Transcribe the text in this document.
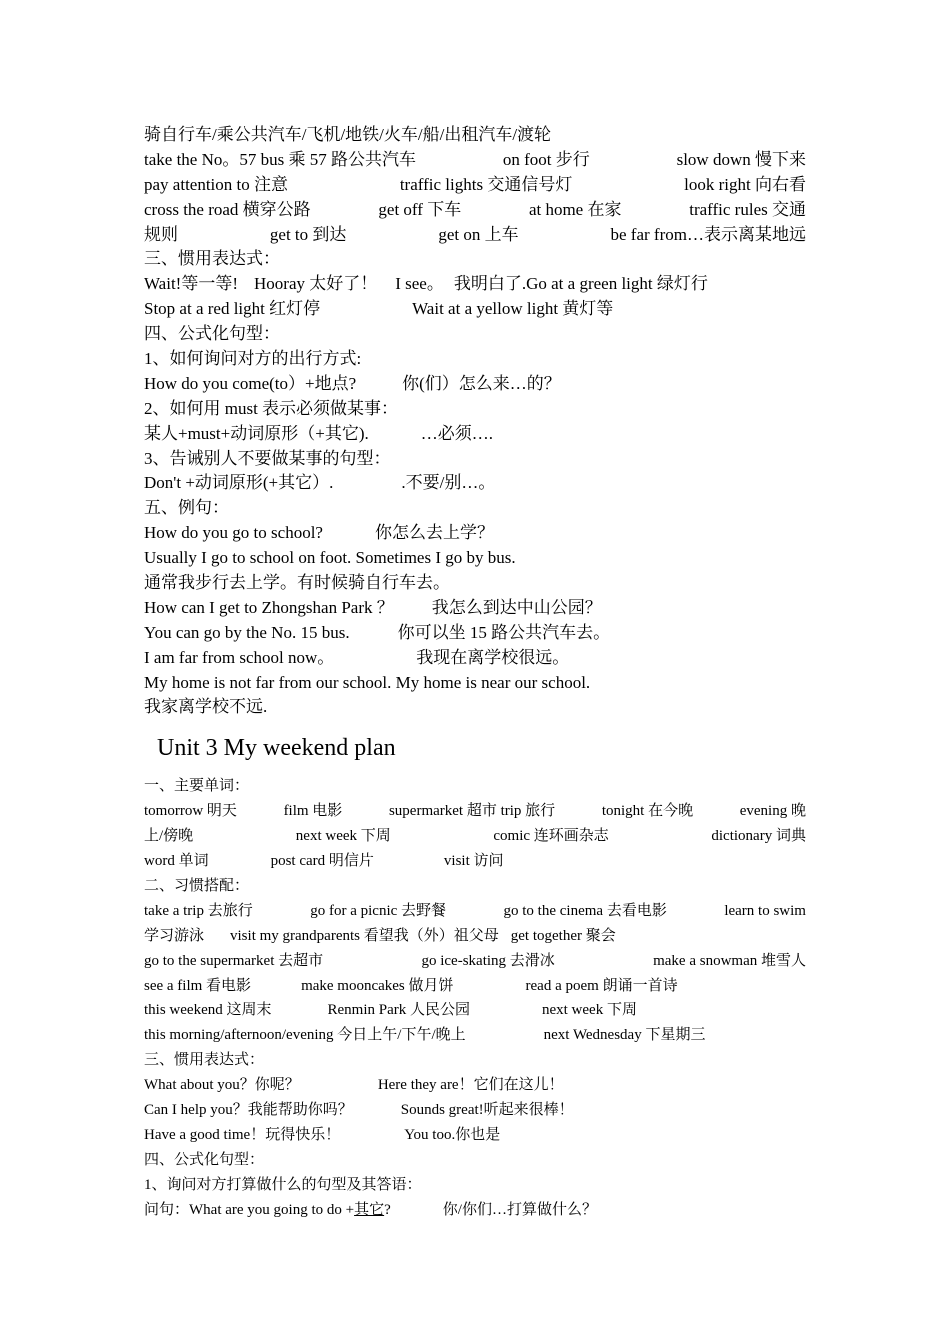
骑自行车/乘公共汽车/飞机/地铁/火车/船/出租汽车/渡轮
take the No。57 bus 乘 57 路公共汽车	on foot 步行	slow down 慢下来
pay attention to 注意	traffic lights 交通信号灯	look right 向右看
cross the road 横穿公路	get off 下车	at home 在家	traffic rules 交通
规则	get to 到达	get on 上车	be far from…表示离某地远
三、惯用表达式：
Wait!等一等! Hooray 太好了！ I see。 我明白了.Go at a green light 绿灯行
Stop at a red light 红灯停	Wait at a yellow light 黄灯等
四、公式化句型：
1、如何询问对方的出行方式:
How do you come(to）+地点?	你(们）怎么来…的？
2、如何用 must 表示必须做某事：
某人+must+动词原形（+其它).	…必须….
3、告诫别人不要做某事的句型：
Don't +动词原形(+其它）.	.不要/别…。
五、例句：
How do you go to school?	你怎么去上学？
Usually I go to school on foot. Sometimes I go by bus.
通常我步行去上学。有时候骑自行车去。
How can I get to Zhongshan Park ？ 我怎么到达中山公园？
You can go by the No. 15 bus.	你可以坐 15 路公共汽车去。
I am far from school now。	我现在离学校很远。
My home is not far from our school. My home is near our school.
我家离学校不远.
Unit 3 My weekend plan
一、主要单词：
tomorrow 明天	film 电影	supermarket 超市 trip 旅行	tonight 在今晚	evening 晚
上/傍晚	next week 下周	comic 连环画杂志	dictionary 词典
word 单词	post card 明信片	visit 访问
二、习惯搭配：
take a trip 去旅行	go for a picnic 去野餐	go to the cinema 去看电影	learn to swim
学习游泳 visit my grandparents 看望我（外）祖父母 get together 聚会
go to the supermarket 去超市	go ice-skating 去滑冰	make a snowman 堆雪人
see a film 看电影	make mooncakes 做月饼	read a poem 朗诵一首诗
this weekend 这周末	Renmin Park 人民公园	next week 下周
this morning/afternoon/evening 今日上午/下午/晚上	next Wednesday 下星期三
三、惯用表达式：
What about you？你呢？	Here they are！它们在这儿！
Can I help you？我能帮助你吗？	Sounds great!听起来很棒！
Have a good time！玩得快乐！	You too.你也是
四、公式化句型：
1、询问对方打算做什么的句型及其答语：
问句：What are you going to do +其它?	你/你们…打算做什么？
